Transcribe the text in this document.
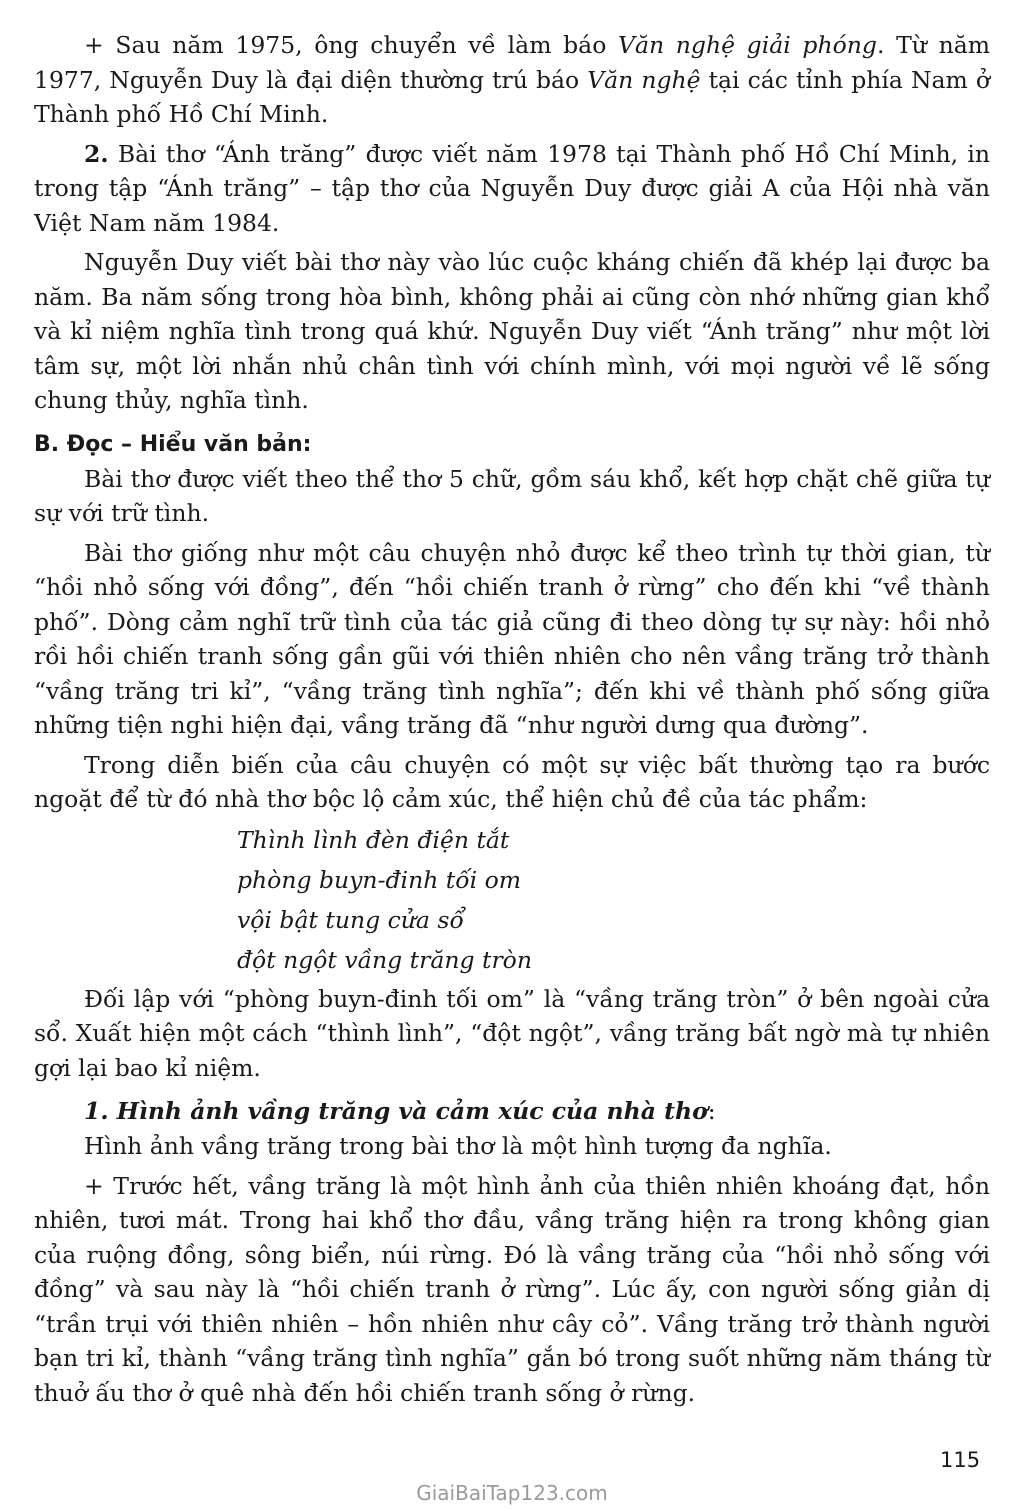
+ Sau năm 1975, ông chuyển về làm báo Văn nghệ giải phóng. Từ năm 1977, Nguyễn Duy là đại diện thường trú báo Văn nghệ tại các tỉnh phía Nam ở Thành phố Hồ Chí Minh.

2. Bài thơ “Ánh trăng” được viết năm 1978 tại Thành phố Hồ Chí Minh, in trong tập “Ánh trăng” – tập thơ của Nguyễn Duy được giải A của Hội nhà văn Việt Nam năm 1984.

Nguyễn Duy viết bài thơ này vào lúc cuộc kháng chiến đã khép lại được ba năm. Ba năm sống trong hòa bình, không phải ai cũng còn nhớ những gian khổ và kỉ niệm nghĩa tình trong quá khứ. Nguyễn Duy viết “Ánh trăng” như một lời tâm sự, một lời nhắn nhủ chân tình với chính mình, với mọi người về lẽ sống chung thủy, nghĩa tình.

B. Đọc – Hiểu văn bản:

Bài thơ được viết theo thể thơ 5 chữ, gồm sáu khổ, kết hợp chặt chẽ giữa tự sự với trữ tình.

Bài thơ giống như một câu chuyện nhỏ được kể theo trình tự thời gian, từ “hồi nhỏ sống với đồng”, đến “hồi chiến tranh ở rừng” cho đến khi “về thành phố”. Dòng cảm nghĩ trữ tình của tác giả cũng đi theo dòng tự sự này: hồi nhỏ rồi hồi chiến tranh sống gần gũi với thiên nhiên cho nên vầng trăng trở thành “vầng trăng tri kỉ”, “vầng trăng tình nghĩa”; đến khi về thành phố sống giữa những tiện nghi hiện đại, vầng trăng đã “như người dưng qua đường”.

Trong diễn biến của câu chuyện có một sự việc bất thường tạo ra bước ngoặt để từ đó nhà thơ bộc lộ cảm xúc, thể hiện chủ đề của tác phẩm:

Thình lình đèn điện tắt

phòng buyn-đinh tối om

vội bật tung cửa sổ

đột ngột vầng trăng tròn

Đối lập với “phòng buyn-đinh tối om” là “vầng trăng tròn” ở bên ngoài cửa sổ. Xuất hiện một cách “thình lình”, “đột ngột”, vầng trăng bất ngờ mà tự nhiên gợi lại bao kỉ niệm.

1. Hình ảnh vầng trăng và cảm xúc của nhà thơ:

Hình ảnh vầng trăng trong bài thơ là một hình tượng đa nghĩa.

+ Trước hết, vầng trăng là một hình ảnh của thiên nhiên khoáng đạt, hồn nhiên, tươi mát. Trong hai khổ thơ đầu, vầng trăng hiện ra trong không gian của ruộng đồng, sông biển, núi rừng. Đó là vầng trăng của “hồi nhỏ sống với đồng” và sau này là “hồi chiến tranh ở rừng”. Lúc ấy, con người sống giản dị “trần trụi với thiên nhiên – hồn nhiên như cây cỏ”. Vầng trăng trở thành người bạn tri kỉ, thành “vầng trăng tình nghĩa” gắn bó trong suốt những năm tháng từ thuở ấu thơ ở quê nhà đến hồi chiến tranh sống ở rừng.

115
GiaiBaiTap123.com
